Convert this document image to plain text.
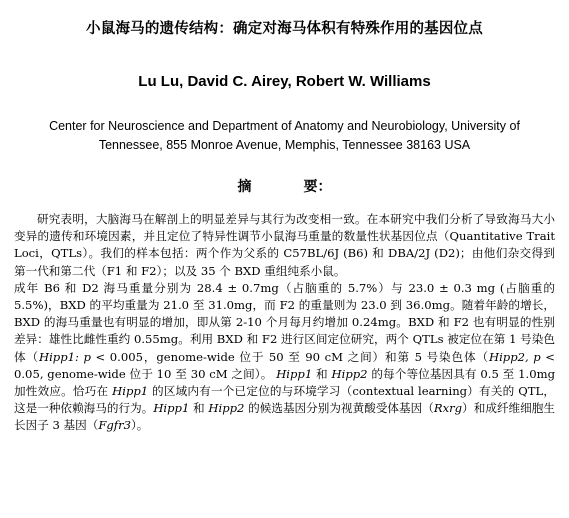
小鼠海马的遗传结构：确定对海马体积有特殊作用的基因位点
Lu Lu, David C. Airey, Robert W. Williams
Center for Neuroscience and Department of Anatomy and Neurobiology, University of
Tennessee, 855 Monroe Avenue, Memphis, Tennessee 38163 USA
摘	要：

研究表明，大脑海马在解剖上的明显差异与其行为改变相一致。在本研究中我们分析了导致海马大小变异的遗传和环境因素，并且定位了特异性调节小鼠海马重量的数量性状基因位点（Quantitative Trait Loci，QTLs）。我们的样本包括：两个作为父系的 C57BL/6J (B6) 和 DBA/2J (D2)；由他们杂交得到第一代和第二代（F1 和 F2）；以及 35 个 BXD 重组纯系小鼠。

成年 B6 和 D2 海马重量分别为 28.4 ± 0.7mg（占脑重的 5.7%）与 23.0 ± 0.3 mg (占脑重的 5.5%)，BXD 的平均重量为 21.0 至 31.0mg，而 F2 的重量则为 23.0 到 36.0mg。随着年龄的增长，BXD 的海马重量也有明显的增加，即从第 2-10 个月每月约增加 0.24mg。BXD 和 F2 也有明显的性别差异：雄性比雌性重约 0.55mg。利用 BXD 和 F2 进行区间定位研究，两个 QTLs 被定位在第 1 号染色体（Hipp1: p < 0.005，genome-wide 位于 50 至 90 cM 之间）和第 5 号染色体（Hipp2, p < 0.05, genome-wide 位于 10 至 30 cM 之间）。 Hipp1 和 Hipp2 的每个等位基因具有 0.5 至 1.0mg 加性效应。恰巧在 Hipp1 的区域内有一个已定位的与环境学习（contextual learning）有关的 QTL，这是一种依赖海马的行为。Hipp1 和 Hipp2 的候选基因分别为视黄酸受体基因（Rxrg）和成纤维细胞生长因子 3 基因（Fgfr3）。
